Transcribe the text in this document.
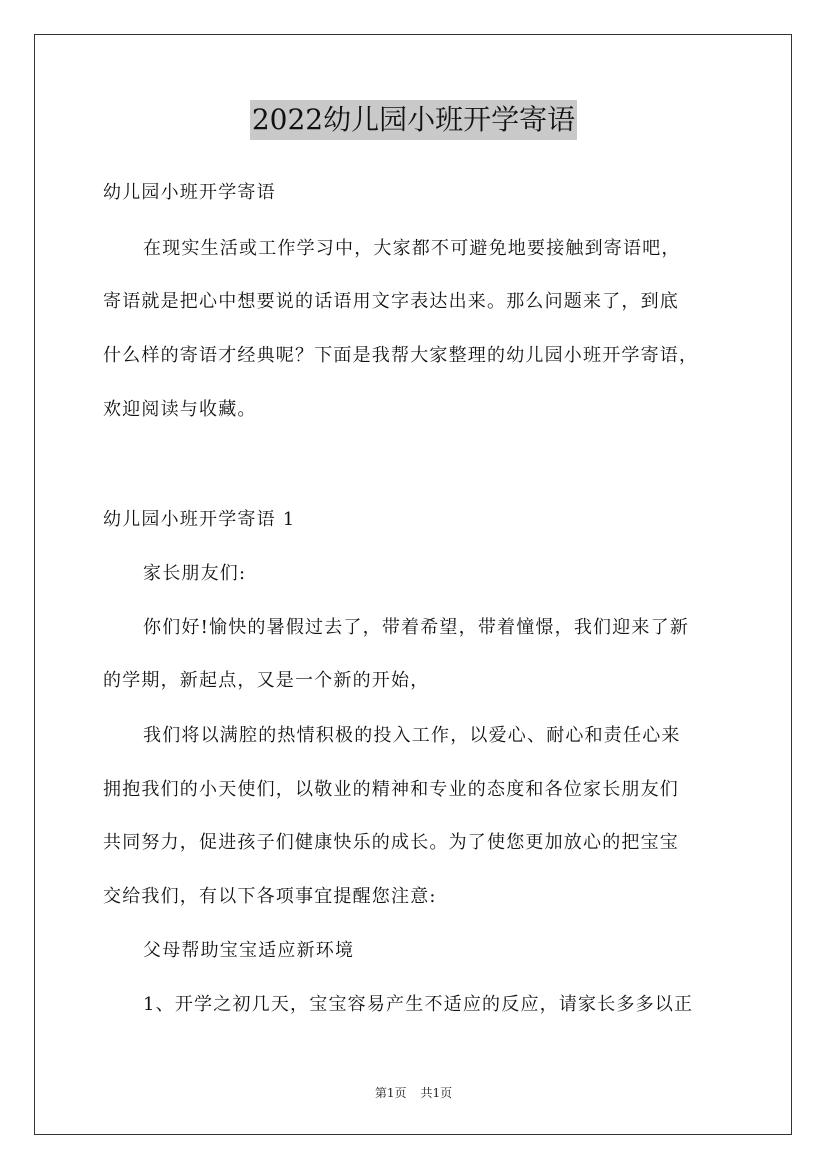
2022幼儿园小班开学寄语
幼儿园小班开学寄语
在现实生活或工作学习中，大家都不可避免地要接触到寄语吧，
寄语就是把心中想要说的话语用文字表达出来。那么问题来了，到底
什么样的寄语才经典呢？下面是我帮大家整理的幼儿园小班开学寄语，
欢迎阅读与收藏。
幼儿园小班开学寄语 1
家长朋友们:
你们好!愉快的暑假过去了，带着希望，带着憧憬，我们迎来了新
的学期，新起点，又是一个新的开始，
我们将以满腔的热情积极的投入工作，以爱心、耐心和责任心来
拥抱我们的小天使们，以敬业的精神和专业的态度和各位家长朋友们
共同努力，促进孩子们健康快乐的成长。为了使您更加放心的把宝宝
交给我们，有以下各项事宜提醒您注意:
父母帮助宝宝适应新环境
1、开学之初几天，宝宝容易产生不适应的反应，请家长多多以正
第1页 共1页
